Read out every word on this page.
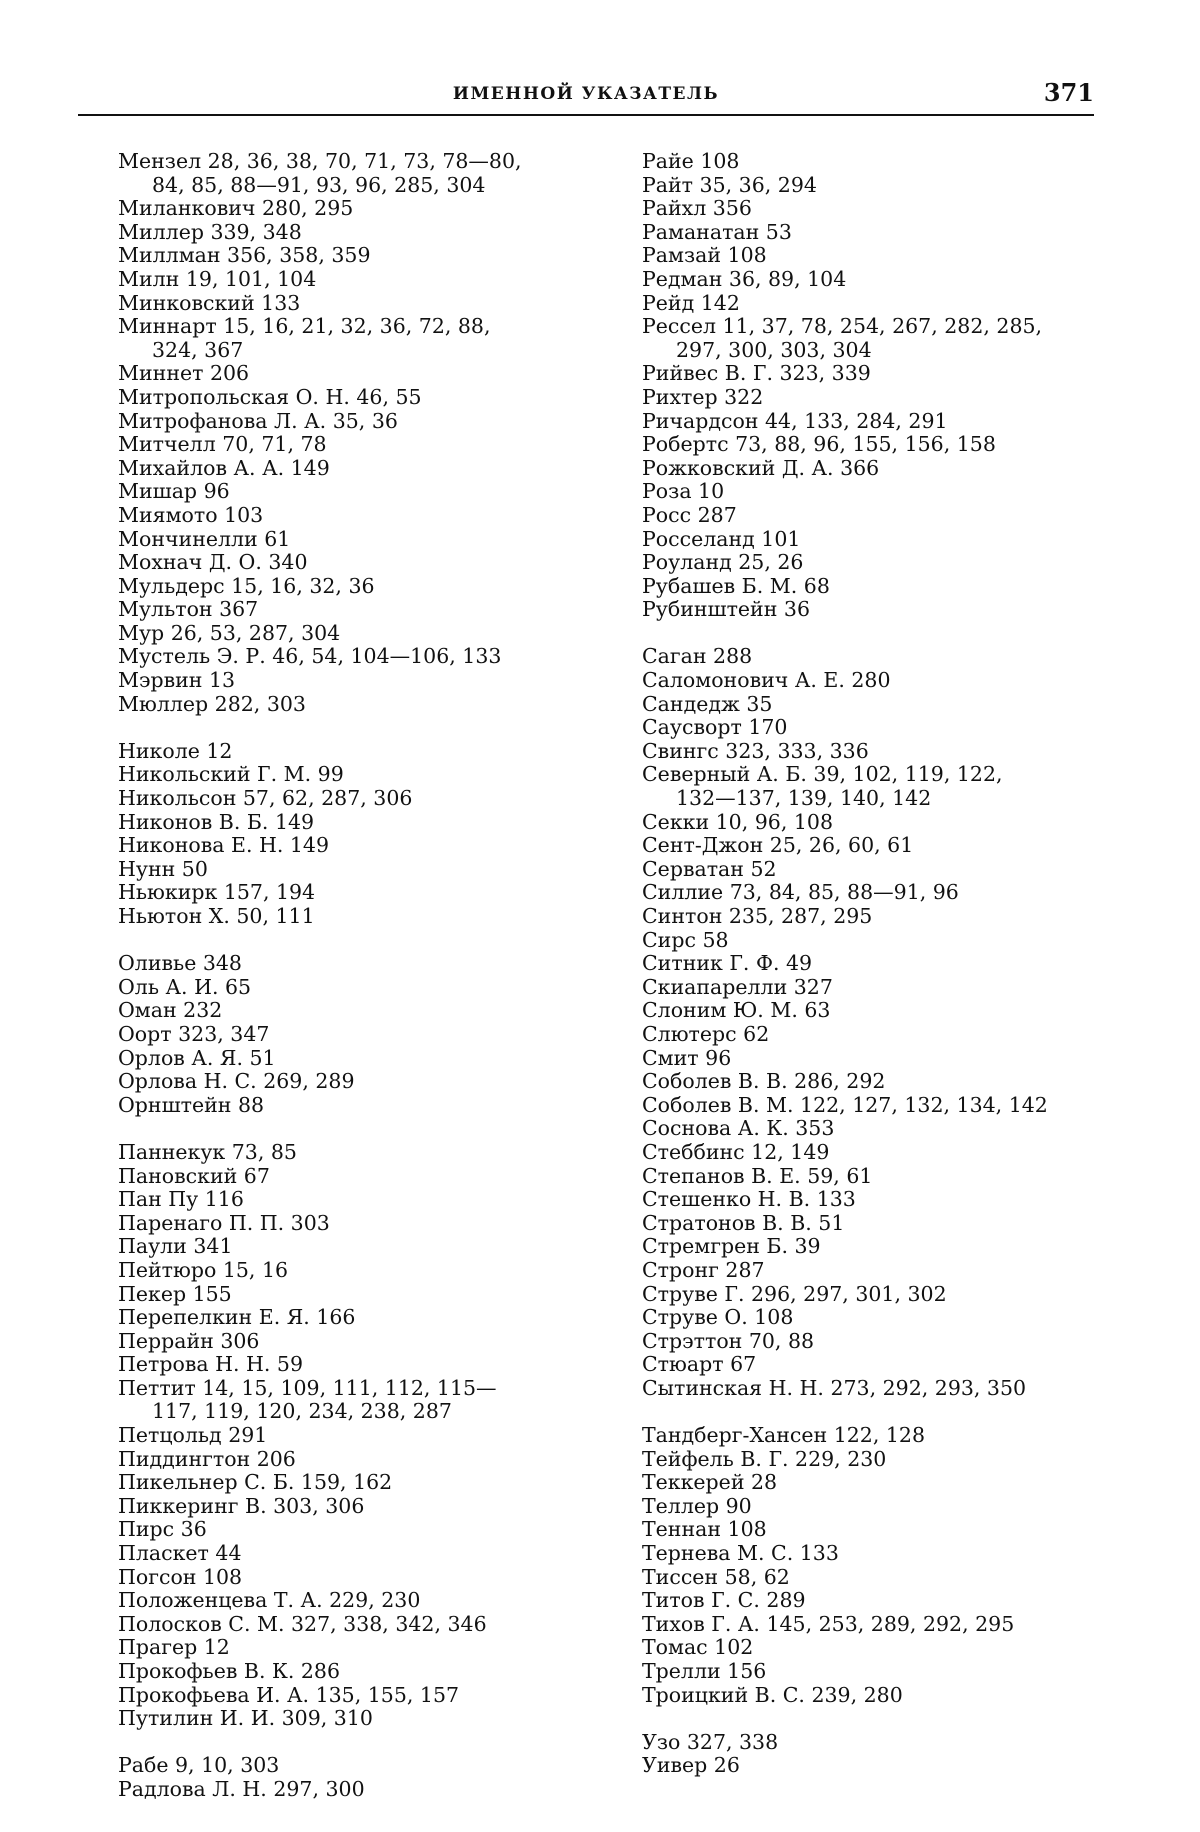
ИМЕННОЙ УКАЗАТЕЛЬ	371
Мензел 28, 36, 38, 70, 71, 73, 78—80,
84, 85, 88—91, 93, 96, 285, 304
Миланкович 280, 295
Миллер 339, 348
Миллман 356, 358, 359
Милн 19, 101, 104
Минковский 133
Миннарт 15, 16, 21, 32, 36, 72, 88,
324, 367
Миннет 206
Митропольская О. Н. 46, 55
Митрофанова Л. А. 35, 36
Митчелл 70, 71, 78
Михайлов А. А. 149
Мишар 96
Миямото 103
Мончинелли 61
Мохнач Д. О. 340
Мульдерс 15, 16, 32, 36
Мультон 367
Мур 26, 53, 287, 304
Мустель Э. Р. 46, 54, 104—106, 133
Мэрвин 13
Мюллер 282, 303
Николе 12
Никольский Г. М. 99
Никольсон 57, 62, 287, 306
Никонов В. Б. 149
Никонова Е. Н. 149
Нунн 50
Ньюкирк 157, 194
Ньютон Х. 50, 111
Оливье 348
Оль А. И. 65
Оман 232
Оорт 323, 347
Орлов А. Я. 51
Орлова Н. С. 269, 289
Орнштейн 88
Паннекук 73, 85
Пановский 67
Пан Пу 116
Паренаго П. П. 303
Паули 341
Пейтюро 15, 16
Пекер 155
Перепелкин Е. Я. 166
Перрайн 306
Петрова Н. Н. 59
Петтит 14, 15, 109, 111, 112, 115—
117, 119, 120, 234, 238, 287
Петцольд 291
Пиддингтон 206
Пикельнер С. Б. 159, 162
Пиккеринг В. 303, 306
Пирс 36
Пласкет 44
Погсон 108
Положенцева Т. А. 229, 230
Полосков С. М. 327, 338, 342, 346
Прагер 12
Прокофьев В. К. 286
Прокофьева И. А. 135, 155, 157
Путилин И. И. 309, 310
Рабе 9, 10, 303
Радлова Л. Н. 297, 300
Райе 108
Райт 35, 36, 294
Райхл 356
Раманатан 53
Рамзай 108
Редман 36, 89, 104
Рейд 142
Рессел 11, 37, 78, 254, 267, 282, 285,
297, 300, 303, 304
Рийвес В. Г. 323, 339
Рихтер 322
Ричардсон 44, 133, 284, 291
Робертс 73, 88, 96, 155, 156, 158
Рожковский Д. А. 366
Роза 10
Росс 287
Росселанд 101
Роуланд 25, 26
Рубашев Б. М. 68
Рубинштейн 36
Саган 288
Саломонович А. Е. 280
Сандедж 35
Саусворт 170
Свингс 323, 333, 336
Северный А. Б. 39, 102, 119, 122,
132—137, 139, 140, 142
Секки 10, 96, 108
Сент-Джон 25, 26, 60, 61
Серватан 52
Силлие 73, 84, 85, 88—91, 96
Синтон 235, 287, 295
Сирс 58
Ситник Г. Ф. 49
Скиапарелли 327
Слоним Ю. М. 63
Слютерс 62
Смит 96
Соболев В. В. 286, 292
Соболев В. М. 122, 127, 132, 134, 142
Соснова А. К. 353
Стеббинс 12, 149
Степанов В. Е. 59, 61
Стешенко Н. В. 133
Стратонов В. В. 51
Стремгрен Б. 39
Стронг 287
Струве Г. 296, 297, 301, 302
Струве О. 108
Стрэттон 70, 88
Стюарт 67
Сытинская Н. Н. 273, 292, 293, 350
Тандберг-Хансен 122, 128
Тейфель В. Г. 229, 230
Теккерей 28
Теллер 90
Теннан 108
Тернева М. С. 133
Тиссен 58, 62
Титов Г. С. 289
Тихов Г. А. 145, 253, 289, 292, 295
Томас 102
Трелли 156
Троицкий В. С. 239, 280
Узо 327, 338
Уивер 26
